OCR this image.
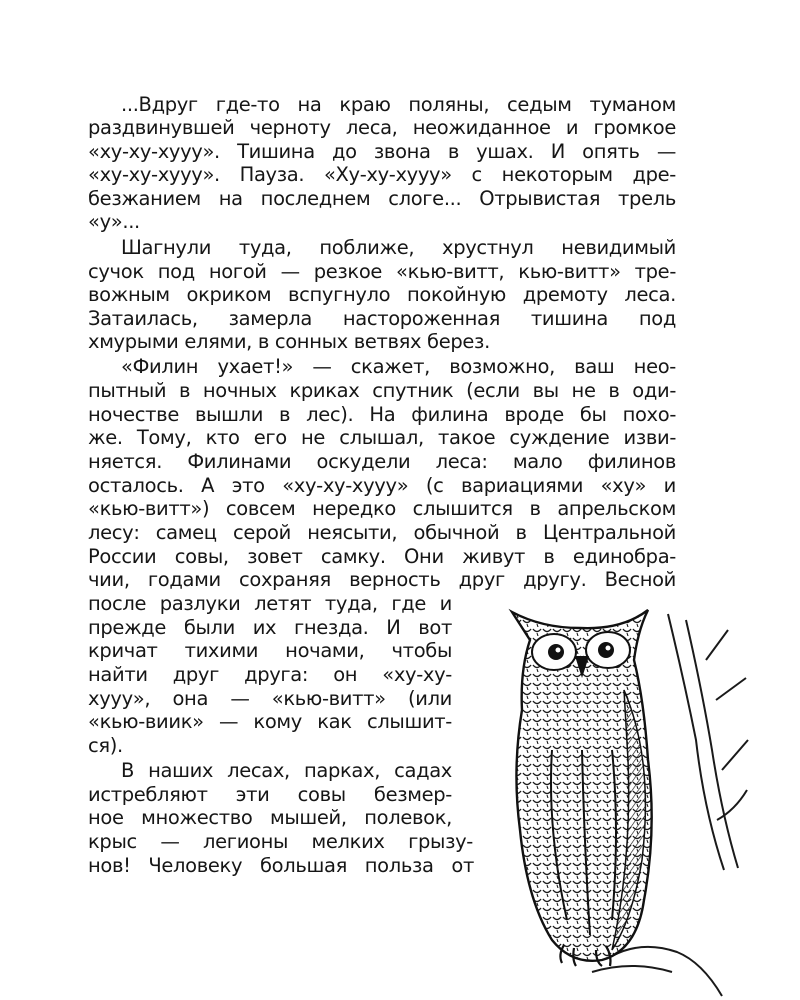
...Вдруг где-то на краю поляны, седым туманом

раздвинувшей черноту леса, неожиданное и громкое

«ху-ху-хууу». Тишина до звона в ушах. И опять —

«ху-ху-хууу». Пауза. «Ху-ху-хууу» с некоторым дре-

безжанием на последнем слоге... Отрывистая трель

«у»...

Шагнули туда, поближе, хрустнул невидимый

сучок под ногой — резкое «кью-витт, кью-витт» тре-

вожным окриком вспугнуло покойную дремоту леса.

Затаилась, замерла настороженная тишина под

хмурыми елями, в сонных ветвях берез.

«Филин ухает!» — скажет, возможно, ваш нео-

пытный в ночных криках спутник (если вы не в оди-

ночестве вышли в лес). На филина вроде бы похо-

же. Тому, кто его не слышал, такое суждение изви-

няется. Филинами оскудели леса: мало филинов

осталось. А это «ху-ху-хууу» (с вариациями «ху» и

«кью-витт») совсем нередко слышится в апрельском

лесу: самец серой неясыти, обычной в Центральной

России совы, зовет самку. Они живут в единобра-

чии, годами сохраняя верность друг другу. Весной

после разлуки летят туда, где и

прежде были их гнезда. И вот

кричат тихими ночами, чтобы

найти друг друга: он «ху-ху-

хууу», она — «кью-витт» (или

«кью-виик» — кому как слышит-

ся).

В наших лесах, парках, садах

истребляют эти совы безмер-

ное множество мышей, полевок,

крыс — легионы мелких грызу-

нов! Человеку большая польза от
